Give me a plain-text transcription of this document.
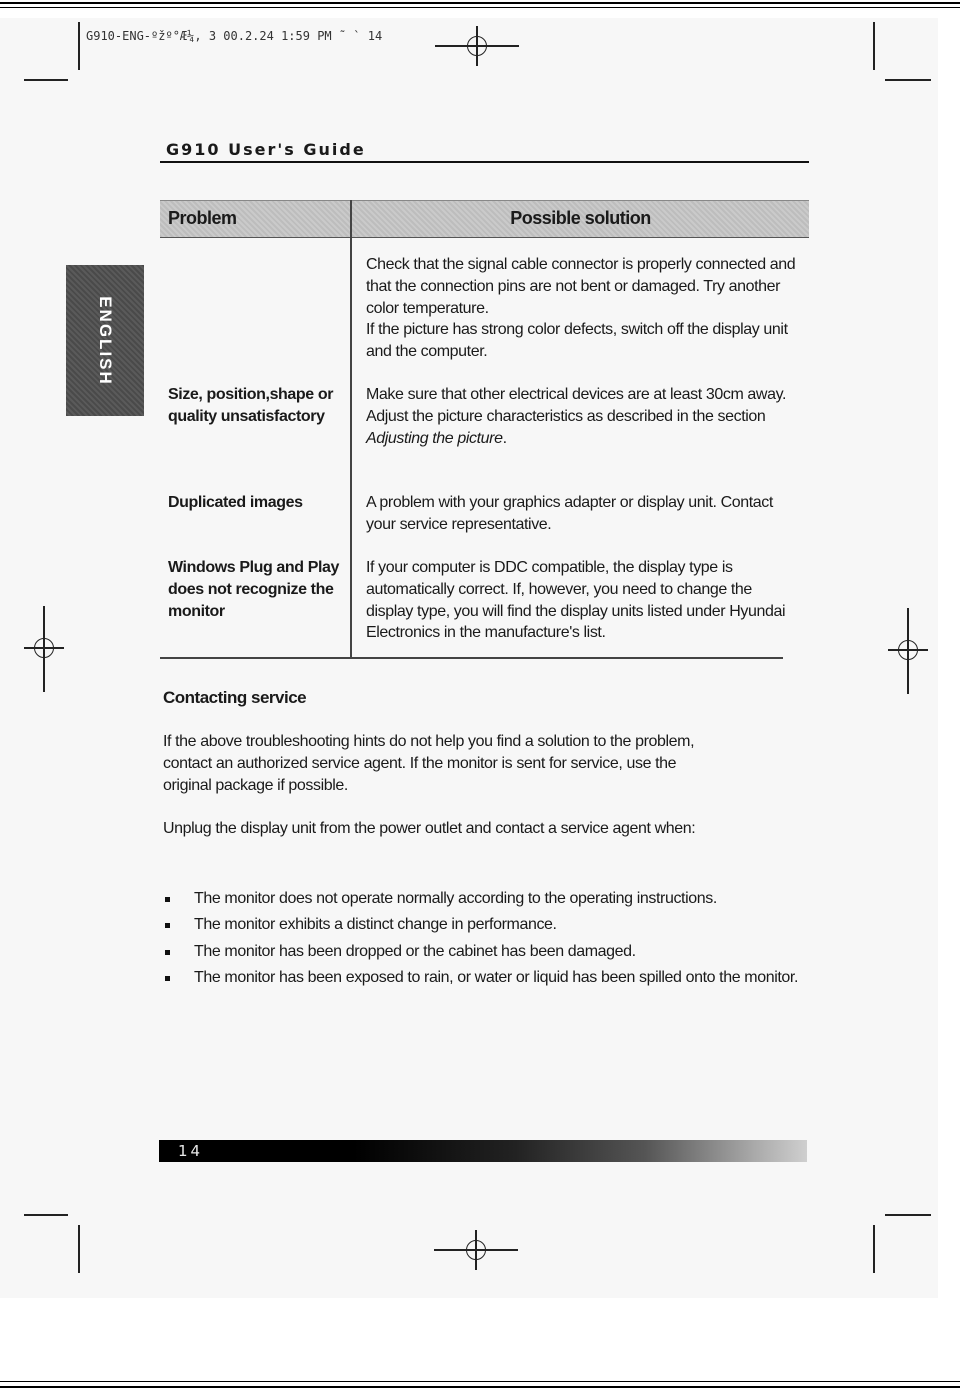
G910-ENG-ºžº°Æ¼, 3 00.2.24 1:59 PM ˜ ` 14
G910 User's Guide
ENGLISH
Problem	Possible solution
Check that the signal cable connector is properly connected and that the connection pins are not bent or damaged. Try another color temperature.
If the picture has strong color defects, switch off the display unit and the computer.
Size, position,shape or quality unsatisfactory
Make sure that other electrical devices are at least 30cm away.
Adjust the picture characteristics as described in the section Adjusting the picture.
Duplicated images	A problem with your graphics adapter or display unit. Contact your service representative.
Windows Plug and Play does not recognize the monitor
If your computer is DDC compatible, the display type is automatically correct. If, however, you need to change the display type, you will find the display units listed under Hyundai Electronics in the manufacture's list.
Contacting service
If the above troubleshooting hints do not help you find a solution to the problem, contact an authorized service agent. If the monitor is sent for service, use the original package if possible.
Unplug the display unit from the power outlet and contact a service agent when:
The monitor does not operate normally according to the operating instructions.
The monitor exhibits a distinct change in performance.
The monitor has been dropped or the cabinet has been damaged.
The monitor has been exposed to rain, or water or liquid has been spilled onto the monitor.
14
